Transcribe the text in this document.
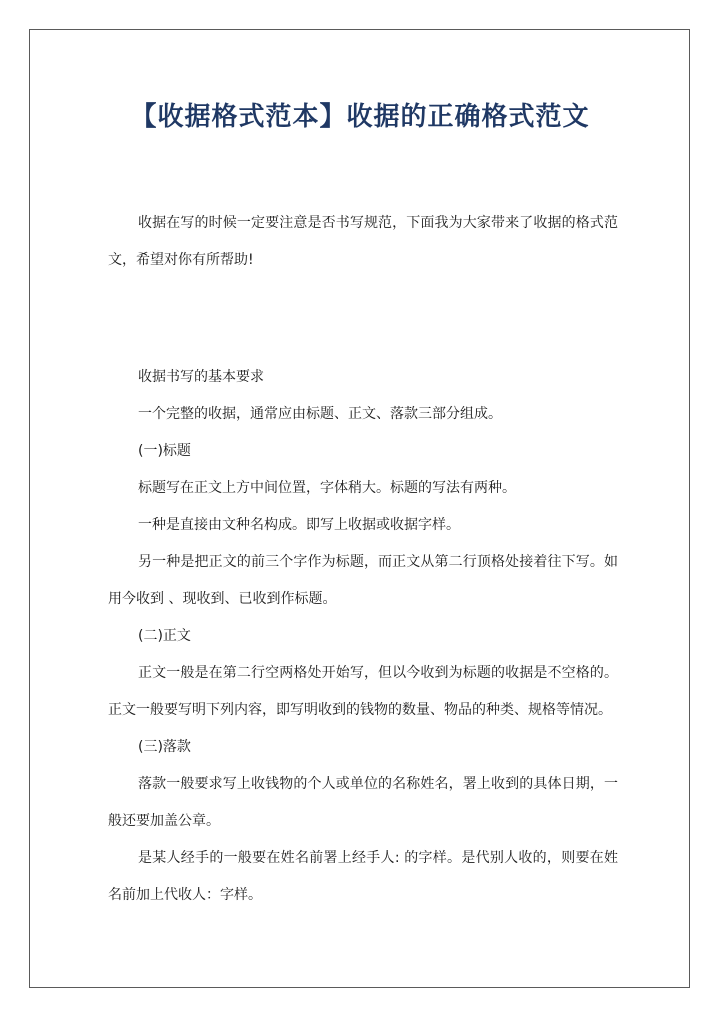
【收据格式范本】收据的正确格式范文

收据在写的时候一定要注意是否书写规范，下面我为大家带来了收据的格式范文，希望对你有所帮助!

收据书写的基本要求

一个完整的收据，通常应由标题、正文、落款三部分组成。

(一)标题

标题写在正文上方中间位置，字体稍大。标题的写法有两种。

一种是直接由文种名构成。即写上收据或收据字样。

另一种是把正文的前三个字作为标题，而正文从第二行顶格处接着往下写。如用今收到 、现收到、已收到作标题。

(二)正文

正文一般是在第二行空两格处开始写，但以今收到为标题的收据是不空格的。正文一般要写明下列内容，即写明收到的钱物的数量、物品的种类、规格等情况。

(三)落款

落款一般要求写上收钱物的个人或单位的名称姓名，署上收到的具体日期，一般还要加盖公章。

是某人经手的一般要在姓名前署上经手人: 的字样。是代别人收的，则要在姓名前加上代收人：字样。
